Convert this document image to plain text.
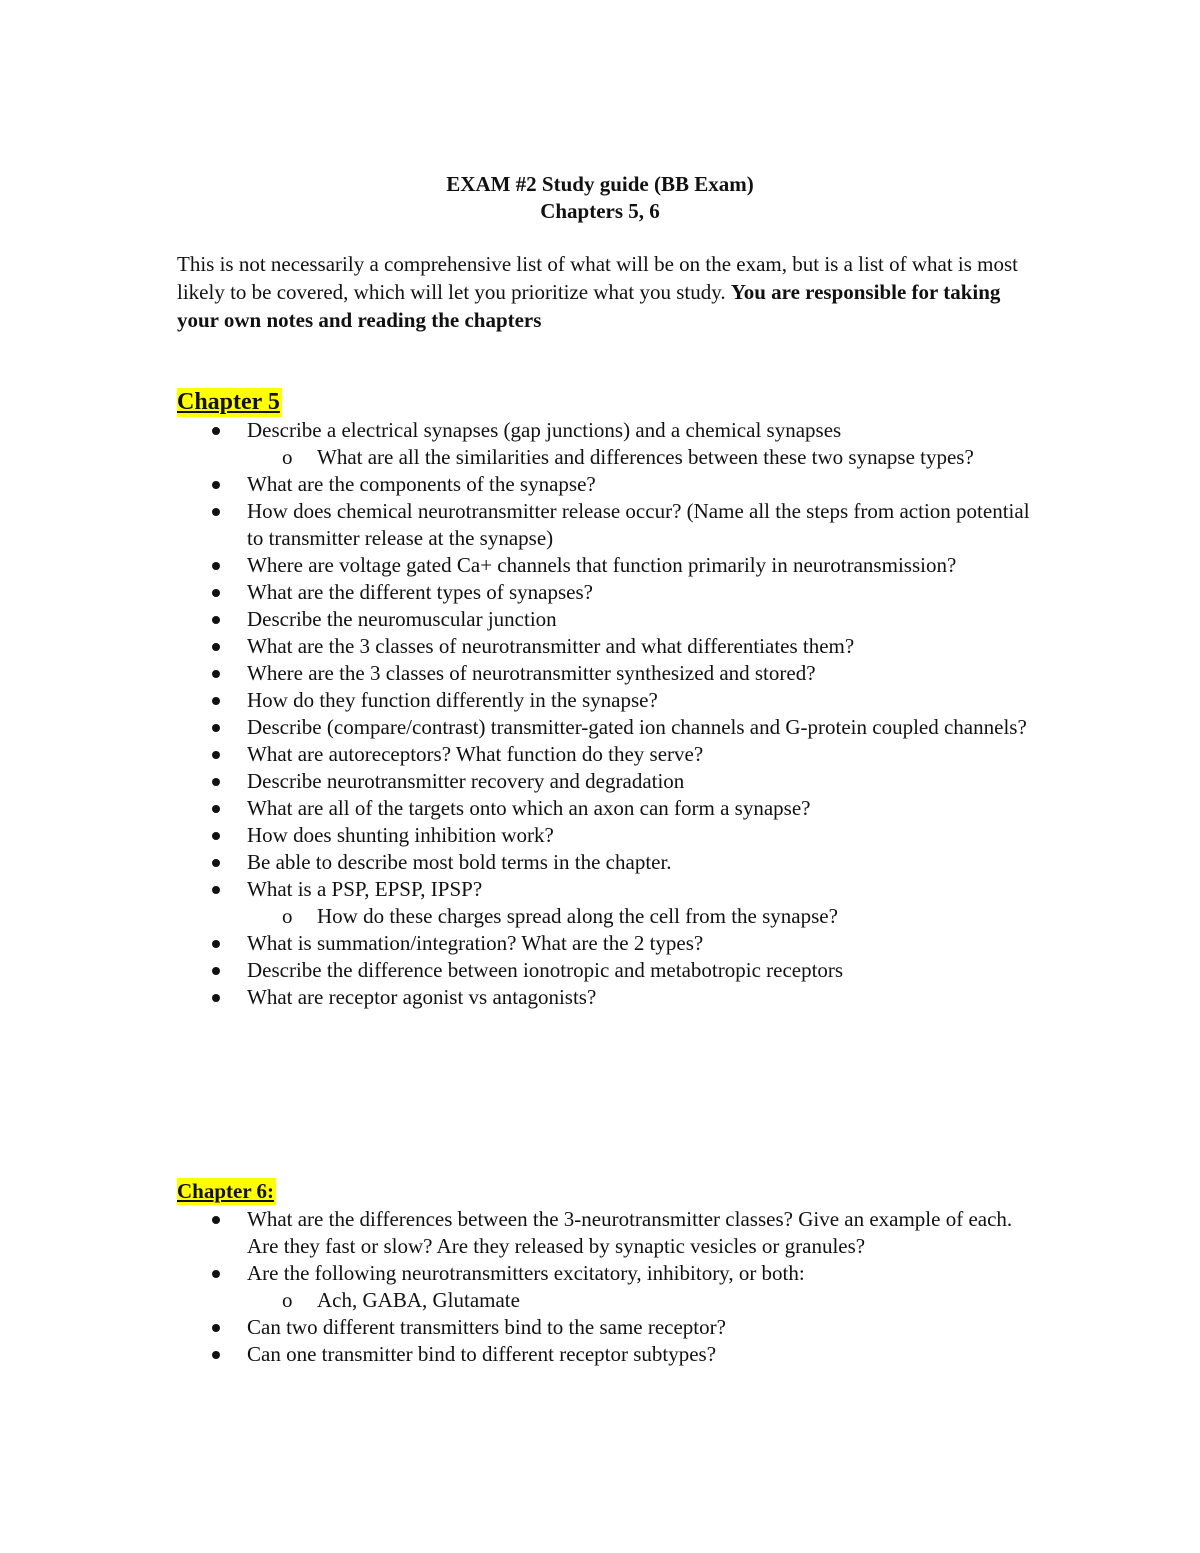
EXAM #2 Study guide (BB Exam)
Chapters 5, 6
This is not necessarily a comprehensive list of what will be on the exam, but is a list of what is most likely to be covered, which will let you prioritize what you study. You are responsible for taking your own notes and reading the chapters
Chapter 5
Describe a electrical synapses (gap junctions) and a chemical synapses
o What are all the similarities and differences between these two synapse types?
What are the components of the synapse?
How does chemical neurotransmitter release occur? (Name all the steps from action potential to transmitter release at the synapse)
Where are voltage gated Ca+ channels that function primarily in neurotransmission?
What are the different types of synapses?
Describe the neuromuscular junction
What are the 3 classes of neurotransmitter and what differentiates them?
Where are the 3 classes of neurotransmitter synthesized and stored?
How do they function differently in the synapse?
Describe (compare/contrast) transmitter-gated ion channels and G-protein coupled channels?
What are autoreceptors? What function do they serve?
Describe neurotransmitter recovery and degradation
What are all of the targets onto which an axon can form a synapse?
How does shunting inhibition work?
Be able to describe most bold terms in the chapter.
What is a PSP, EPSP, IPSP?
o How do these charges spread along the cell from the synapse?
What is summation/integration? What are the 2 types?
Describe the difference between ionotropic and metabotropic receptors
What are receptor agonist vs antagonists?
Chapter 6:
What are the differences between the 3-neurotransmitter classes? Give an example of each. Are they fast or slow? Are they released by synaptic vesicles or granules?
Are the following neurotransmitters excitatory, inhibitory, or both:
o Ach, GABA, Glutamate
Can two different transmitters bind to the same receptor?
Can one transmitter bind to different receptor subtypes?
